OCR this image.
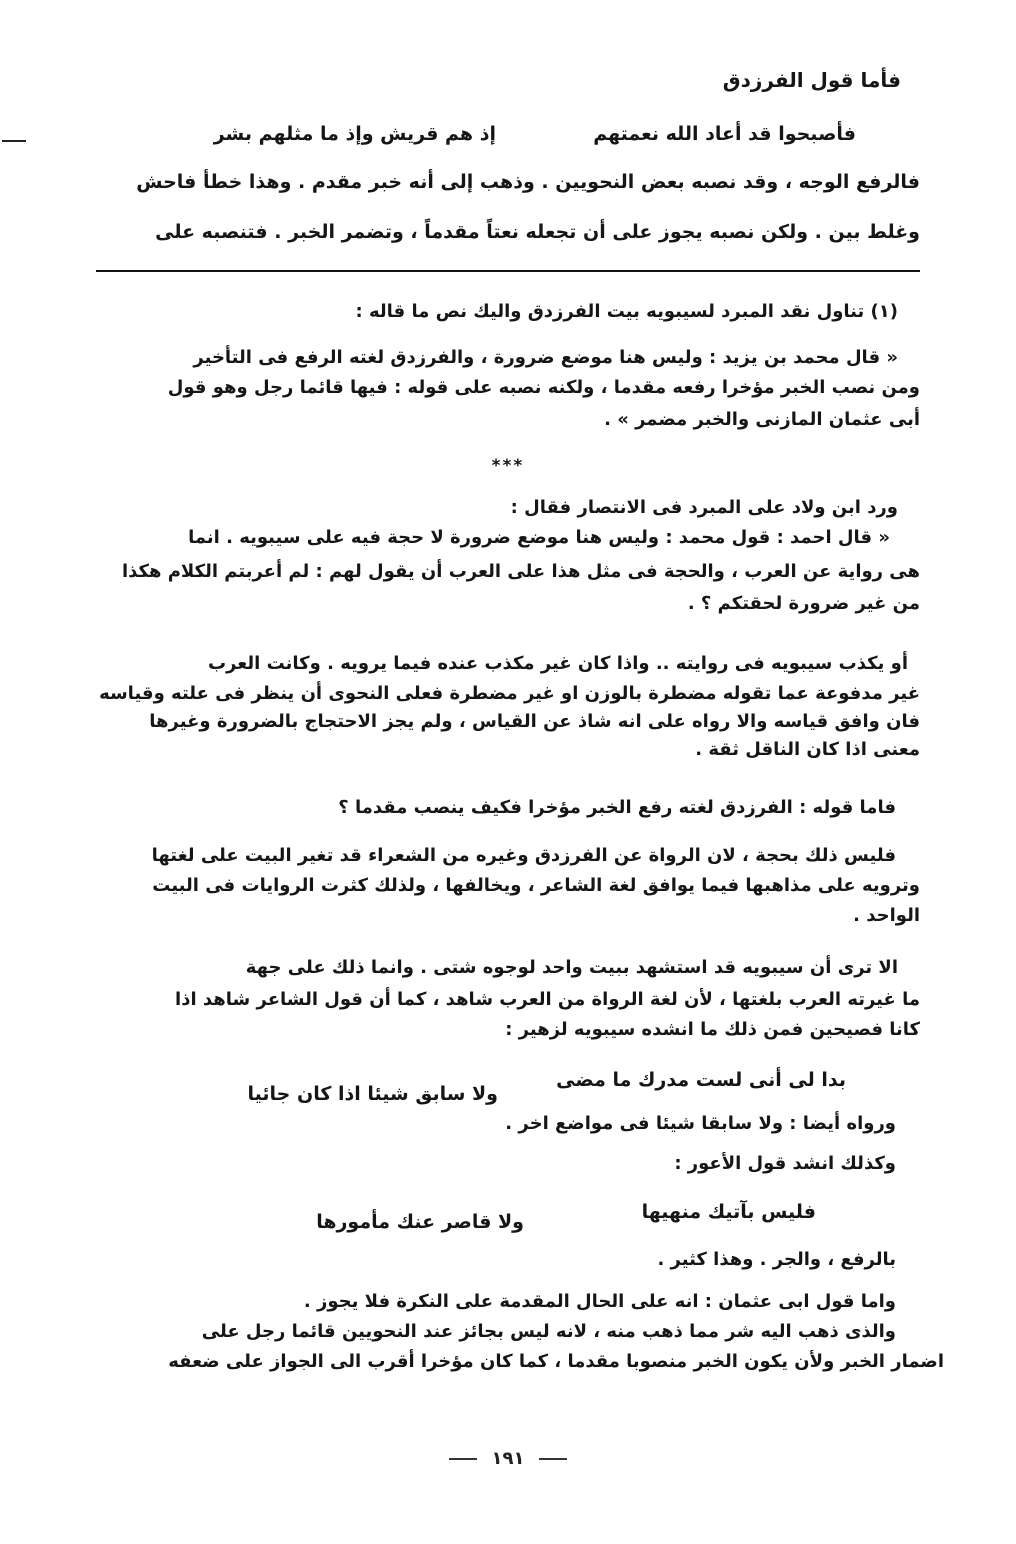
فأما قول الفرزدق
فأصبحوا قد أعاد الله نعمتهم
إذ هم قريش وإذ ما مثلهم بشر
فالرفع الوجه ، وقد نصبه بعض النحويين . وذهب إلى أنه خبر مقدم . وهذا خطأ فاحش
وغلط بين . ولكن نصبه يجوز على أن تجعله نعتاً مقدماً ، وتضمر الخبر . فتنصبه على
(١) تناول نقد المبرد لسيبويه بيت الفرزدق واليك نص ما قاله :
« قال محمد بن يزيد : وليس هنا موضع ضرورة ، والفرزدق لغته الرفع فى التأخير
ومن نصب الخبر مؤخرا رفعه مقدما ، ولكنه نصبه على قوله : فيها قائما رجل وهو قول
أبى عثمان المازنى والخبر مضمر » .
***
ورد ابن ولاد على المبرد فى الانتصار فقال :
« قال احمد : قول محمد : وليس هنا موضع ضرورة لا حجة فيه على سيبويه . انما
هى رواية عن العرب ، والحجة فى مثل هذا على العرب أن يقول لهم : لم أعربتم الكلام هكذا
من غير ضرورة لحقتكم ؟ .
أو يكذب سيبويه فى روايته .. واذا كان غير مكذب عنده فيما يرويه . وكانت العرب
غير مدفوعة عما تقوله مضطرة بالوزن او غير مضطرة فعلى النحوى أن ينظر فى علته وقياسه
فان وافق قياسه والا رواه على انه شاذ عن القياس ، ولم يجز الاحتجاج بالضرورة وغيرها
معنى اذا كان الناقل ثقة .
فاما قوله : الفرزدق لغته رفع الخبر مؤخرا فكيف ينصب مقدما ؟
فليس ذلك بحجة ، لان الرواة عن الفرزدق وغيره من الشعراء قد تغير البيت على لغتها
وترويه على مذاهبها فيما يوافق لغة الشاعر ، ويخالفها ، ولذلك كثرت الروايات فى البيت
الواحد .
الا ترى أن سيبويه قد استشهد ببيت واحد لوجوه شتى . وانما ذلك على جهة
ما غيرته العرب بلغتها ، لأن لغة الرواة من العرب شاهد ، كما أن قول الشاعر شاهد اذا
كانا فصيحين فمن ذلك ما انشده سيبويه لزهير :
بدا لى أنى لست مدرك ما مضى
ولا سابق شيئا اذا كان جائيا
ورواه أيضا : ولا سابقا شيئا فى مواضع اخر .
وكذلك انشد قول الأعور :
فليس بآتيك منهيها
ولا قاصر عنك مأمورها
بالرفع ، والجر . وهذا كثير .
واما قول ابى عثمان : انه على الحال المقدمة على النكرة فلا يجوز .
والذى ذهب اليه شر مما ذهب منه ، لانه ليس بجائز عند النحويين قائما رجل على
اضمار الخبر ولأن يكون الخبر منصوبا مقدما ، كما كان مؤخرا أقرب الى الجواز على ضعفه
١٩١
